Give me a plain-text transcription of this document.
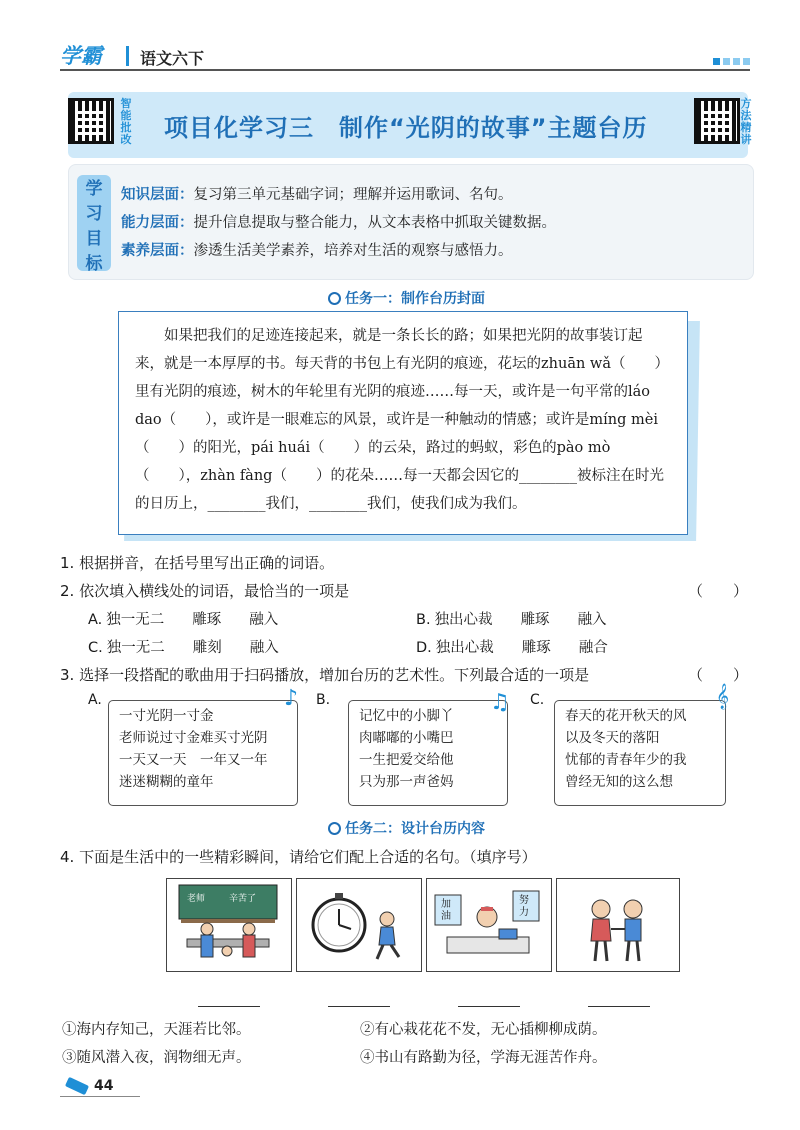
学霸 语文六下
智能批改 项目化学习三　制作“光阴的故事”主题台历
方法精讲
学
习
目
标
知识层面：复习第三单元基础字词；理解并运用歌词、名句。
能力层面：提升信息提取与整合能力，从文本表格中抓取关键数据。
素养层面：渗透生活美学素养，培养对生活的观察与感悟力。
任务一：制作台历封面

如果把我们的足迹连接起来，就是一条长长的路；如果把光阴的故事装订起来，就是一本厚厚的书。每天背的书包上有光阴的痕迹，花坛的zhuān wǎ（　　）里有光阴的痕迹，树木的年轮里有光阴的痕迹……每一天，或许是一句平常的láo dao（　　），或许是一眼难忘的风景，或许是一种触动的情感；或许是míng mèi（　　）的阳光，pái huái（　　）的云朵，路过的蚂蚁，彩色的pào mò（　　），zhàn fàng（　　）的花朵……每一天都会因它的________被标注在时光的日历上，________我们，________我们，使我们成为我们。

1. 根据拼音，在括号里写出正确的词语。
2. 依次填入横线处的词语，最恰当的一项是	（　　）
A. 独一无二 雕琢 融入	B. 独出心裁 雕琢 融入
C. 独一无二 雕刻 融入	D. 独出心裁 雕琢 融合
3. 选择一段搭配的歌曲用于扫码播放，增加台历的艺术性。下列最合适的一项是	（　　）
A.
一寸光阴一寸金
老师说过寸金难买寸光阴
一天又一天　一年又一年
迷迷糊糊的童年
♪ B.
记忆中的小脚丫
肉嘟嘟的小嘴巴
一生把爱交给他
只为那一声爸妈
♫ C.
春天的花开秋天的风
以及冬天的落阳
忧郁的青春年少的我
曾经无知的这么想
𝄞
任务二：设计台历内容
4. 下面是生活中的一些精彩瞬间，请给它们配上合适的名句。（填序号）
老师	辛苦了	加油
努力
①海内存知己，天涯若比邻。	②有心栽花花不发，无心插柳柳成荫。
③随风潜入夜，润物细无声。	④书山有路勤为径，学海无涯苦作舟。
44
